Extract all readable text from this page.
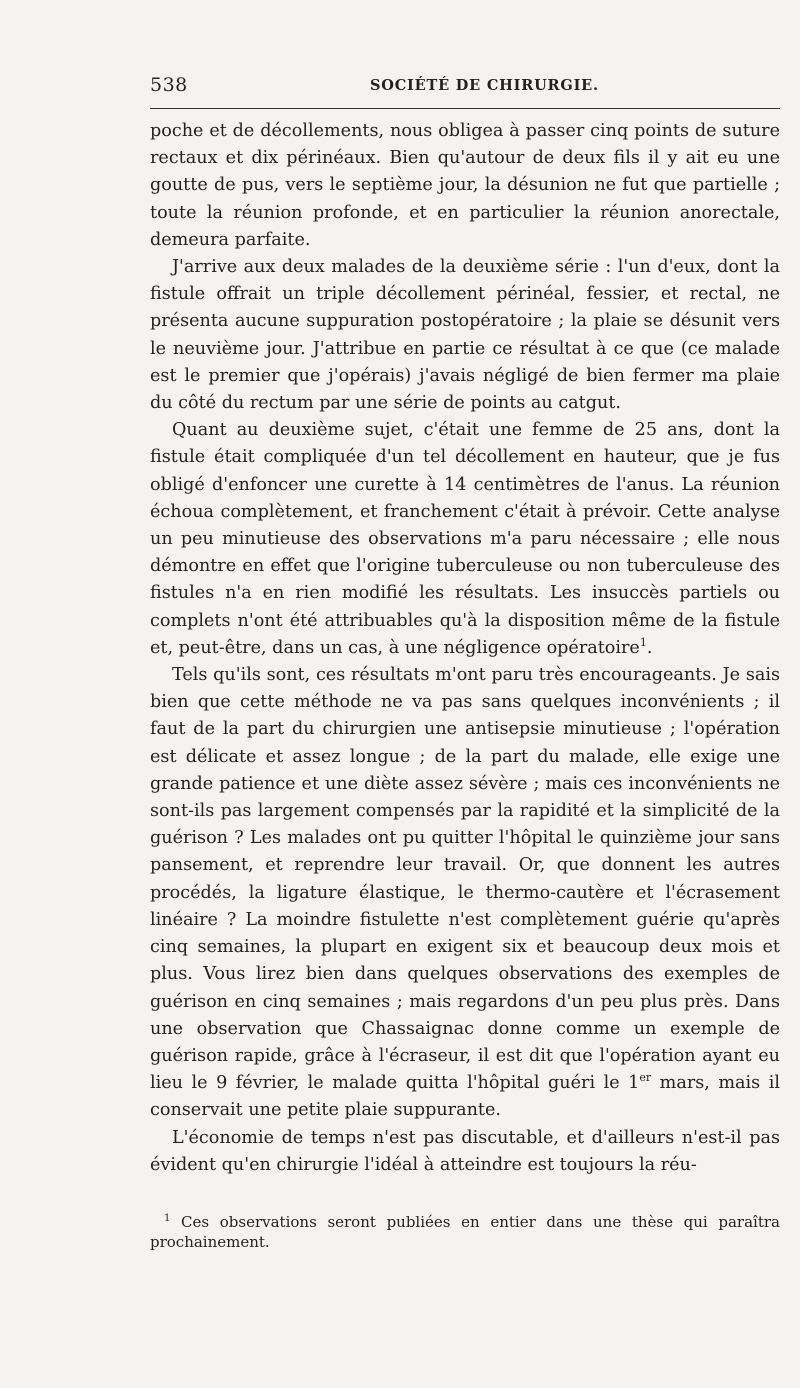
538	SOCIÉTÉ DE CHIRURGIE.

poche et de décollements, nous obligea à passer cinq points de suture rectaux et dix périnéaux. Bien qu'autour de deux fils il y ait eu une goutte de pus, vers le septième jour, la désunion ne fut que partielle ; toute la réunion profonde, et en particulier la réunion anorectale, demeura parfaite.

J'arrive aux deux malades de la deuxième série : l'un d'eux, dont la fistule offrait un triple décollement périnéal, fessier, et rectal, ne présenta aucune suppuration postopératoire ; la plaie se désunit vers le neuvième jour. J'attribue en partie ce résultat à ce que (ce malade est le premier que j'opérais) j'avais négligé de bien fermer ma plaie du côté du rectum par une série de points au catgut.

Quant au deuxième sujet, c'était une femme de 25 ans, dont la fistule était compliquée d'un tel décollement en hauteur, que je fus obligé d'enfoncer une curette à 14 centimètres de l'anus. La réunion échoua complètement, et franchement c'était à prévoir. Cette analyse un peu minutieuse des observations m'a paru nécessaire ; elle nous démontre en effet que l'origine tuberculeuse ou non tuberculeuse des fistules n'a en rien modifié les résultats. Les insuccès partiels ou complets n'ont été attribuables qu'à la disposition même de la fistule et, peut-être, dans un cas, à une négligence opératoire$^1$.

Tels qu'ils sont, ces résultats m'ont paru très encourageants. Je sais bien que cette méthode ne va pas sans quelques inconvénients ; il faut de la part du chirurgien une antisepsie minutieuse ; l'opération est délicate et assez longue ; de la part du malade, elle exige une grande patience et une diète assez sévère ; mais ces inconvénients ne sont-ils pas largement compensés par la rapidité et la simplicité de la guérison ? Les malades ont pu quitter l'hôpital le quinzième jour sans pansement, et reprendre leur travail. Or, que donnent les autres procédés, la ligature élastique, le thermo-cautère et l'écrasement linéaire ? La moindre fistulette n'est complètement guérie qu'après cinq semaines, la plupart en exigent six et beaucoup deux mois et plus. Vous lirez bien dans quelques observations des exemples de guérison en cinq semaines ; mais regardons d'un peu plus près. Dans une observation que Chassaignac donne comme un exemple de guérison rapide, grâce à l'écraseur, il est dit que l'opération ayant eu lieu le 9 février, le malade quitta l'hôpital guéri le 1er mars, mais il conservait une petite plaie suppurante.

L'économie de temps n'est pas discutable, et d'ailleurs n'est-il pas évident qu'en chirurgie l'idéal à atteindre est toujours la réu-

$^1$ Ces observations seront publiées en entier dans une thèse qui paraîtra prochainement.
